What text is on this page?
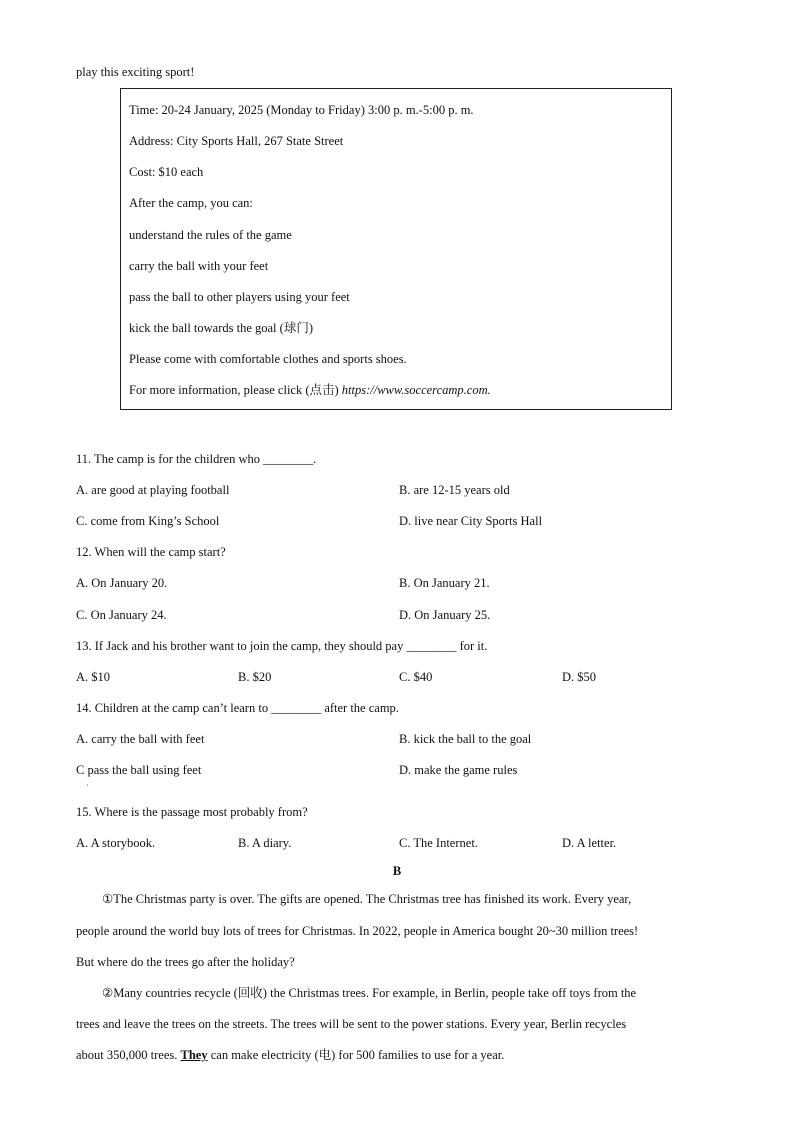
play this exciting sport!
Time: 20-24 January, 2025 (Monday to Friday) 3:00 p. m.-5:00 p. m.
Address: City Sports Hall, 267 State Street
Cost: $10 each
After the camp, you can:
understand the rules of the game
carry the ball with your feet
pass the ball to other players using your feet
kick the ball towards the goal (球门)
Please come with comfortable clothes and sports shoes.
For more information, please click (点击) https://www.soccercamp.com.
11. The camp is for the children who ________.
A. are good at playing football	B. are 12-15 years old
C. come from King’s School	D. live near City Sports Hall
12. When will the camp start?
A. On January 20.	B. On January 21.
C. On January 24.	D. On January 25.
13. If Jack and his brother want to join the camp, they should pay ________ for it.
A. $10	B. $20	C. $40	D. $50
14. Children at the camp can’t learn to ________ after the camp.
A. carry the ball with feet	B. kick the ball to the goal
C pass the ball using feet
·
D. make the game rules
15. Where is the passage most probably from?
A. A storybook.	B. A diary.	C. The Internet.	D. A letter.
B
①The Christmas party is over. The gifts are opened. The Christmas tree has finished its work. Every year,
people around the world buy lots of trees for Christmas. In 2022, people in America bought 20~30 million trees!
But where do the trees go after the holiday?
②Many countries recycle (回收) the Christmas trees. For example, in Berlin, people take off toys from the
trees and leave the trees on the streets. The trees will be sent to the power stations. Every year, Berlin recycles
about 350,000 trees. They can make electricity (电) for 500 families to use for a year.
